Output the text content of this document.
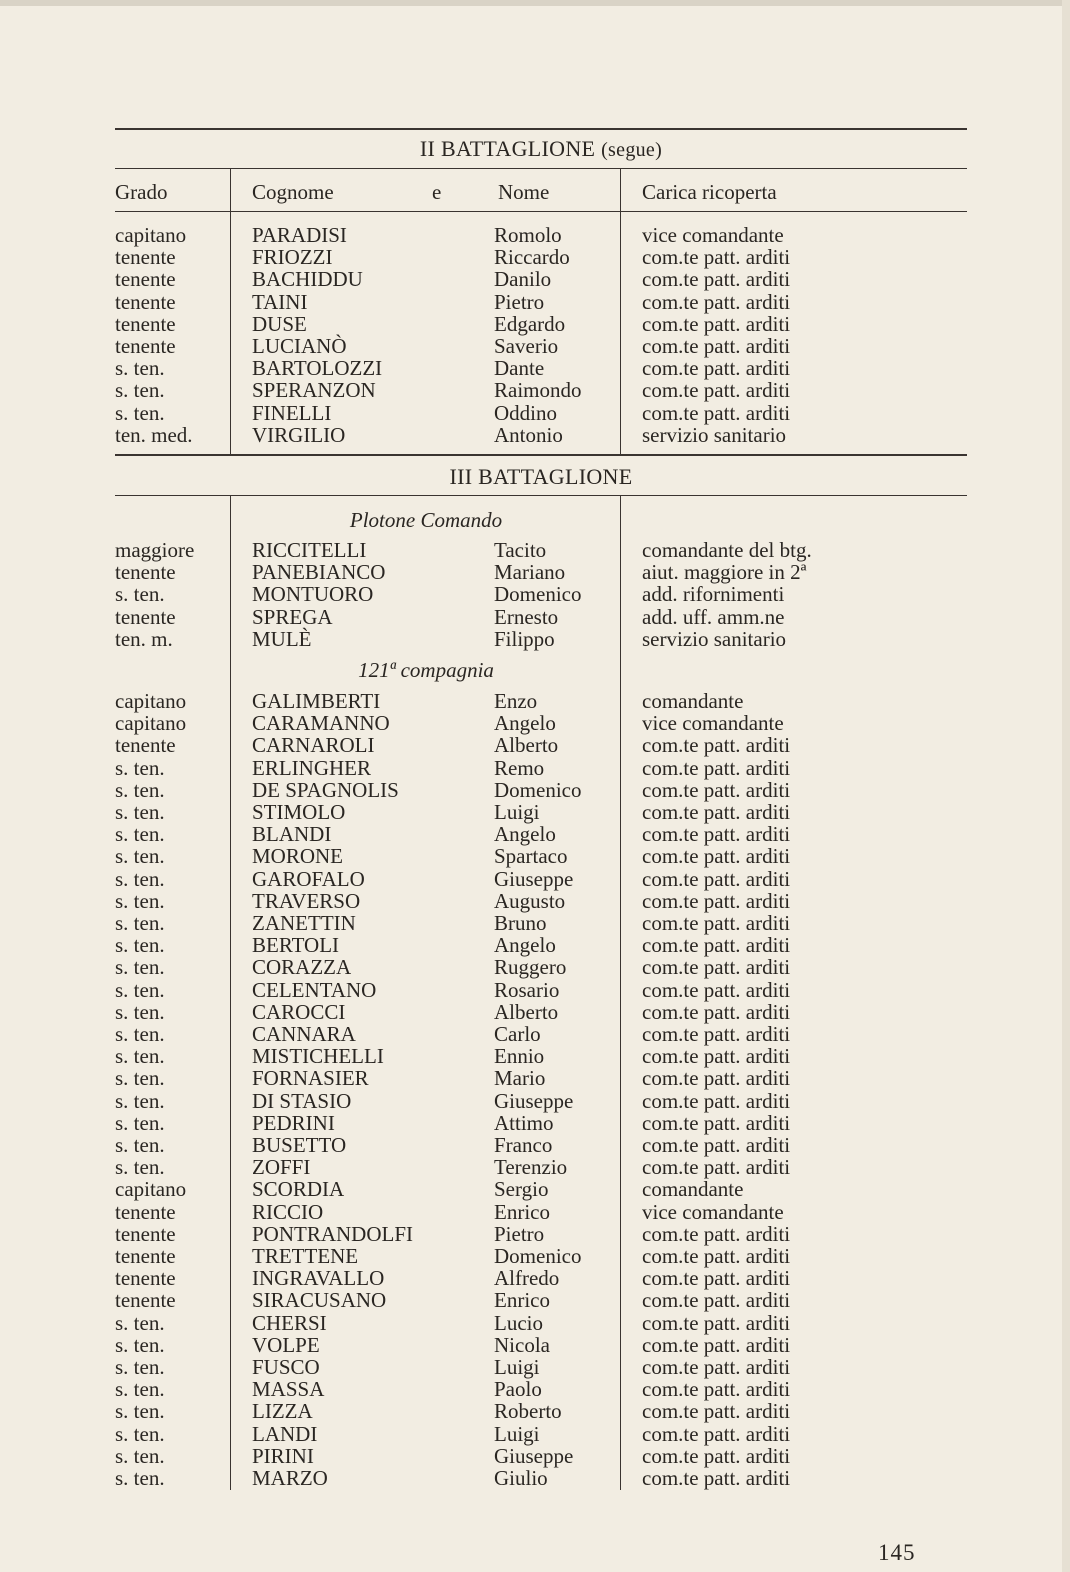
II BATTAGLIONE (segue)
Grado	Cognome	e	Nome	Carica ricoperta
capitano	PARADISI	Romolo	vice comandante
tenente	FRIOZZI	Riccardo	com.te patt. arditi
tenente	BACHIDDU	Danilo	com.te patt. arditi
tenente	TAINI	Pietro	com.te patt. arditi
tenente	DUSE	Edgardo	com.te patt. arditi
tenente	LUCIANÒ	Saverio	com.te patt. arditi
s. ten.	BARTOLOZZI	Dante	com.te patt. arditi
s. ten.	SPERANZON	Raimondo	com.te patt. arditi
s. ten.	FINELLI	Oddino	com.te patt. arditi
ten. med.	VIRGILIO	Antonio	servizio sanitario
III BATTAGLIONE
Plotone Comando
maggiore	RICCITELLI	Tacito	comandante del btg.
tenente	PANEBIANCO	Mariano	aiut. maggiore in 2ª
s. ten.	MONTUORO	Domenico	add. rifornimenti
tenente	SPREGA	Ernesto	add. uff. amm.ne
ten. m.	MULÈ	Filippo	servizio sanitario
121ª compagnia
capitano	GALIMBERTI	Enzo	comandante
capitano	CARAMANNO	Angelo	vice comandante
tenente	CARNAROLI	Alberto	com.te patt. arditi
s. ten.	ERLINGHER	Remo	com.te patt. arditi
s. ten.	DE SPAGNOLIS	Domenico	com.te patt. arditi
s. ten.	STIMOLO	Luigi	com.te patt. arditi
s. ten.	BLANDI	Angelo	com.te patt. arditi
s. ten.	MORONE	Spartaco	com.te patt. arditi
s. ten.	GAROFALO	Giuseppe	com.te patt. arditi
s. ten.	TRAVERSO	Augusto	com.te patt. arditi
s. ten.	ZANETTIN	Bruno	com.te patt. arditi
s. ten.	BERTOLI	Angelo	com.te patt. arditi
s. ten.	CORAZZA	Ruggero	com.te patt. arditi
s. ten.	CELENTANO	Rosario	com.te patt. arditi
s. ten.	CAROCCI	Alberto	com.te patt. arditi
s. ten.	CANNARA	Carlo	com.te patt. arditi
s. ten.	MISTICHELLI	Ennio	com.te patt. arditi
s. ten.	FORNASIER	Mario	com.te patt. arditi
s. ten.	DI STASIO	Giuseppe	com.te patt. arditi
s. ten.	PEDRINI	Attimo	com.te patt. arditi
s. ten.	BUSETTO	Franco	com.te patt. arditi
s. ten.	ZOFFI	Terenzio	com.te patt. arditi
capitano	SCORDIA	Sergio	comandante
tenente	RICCIO	Enrico	vice comandante
tenente	PONTRANDOLFI	Pietro	com.te patt. arditi
tenente	TRETTENE	Domenico	com.te patt. arditi
tenente	INGRAVALLO	Alfredo	com.te patt. arditi
tenente	SIRACUSANO	Enrico	com.te patt. arditi
s. ten.	CHERSI	Lucio	com.te patt. arditi
s. ten.	VOLPE	Nicola	com.te patt. arditi
s. ten.	FUSCO	Luigi	com.te patt. arditi
s. ten.	MASSA	Paolo	com.te patt. arditi
s. ten.	LIZZA	Roberto	com.te patt. arditi
s. ten.	LANDI	Luigi	com.te patt. arditi
s. ten.	PIRINI	Giuseppe	com.te patt. arditi
s. ten.	MARZO	Giulio	com.te patt. arditi
145
